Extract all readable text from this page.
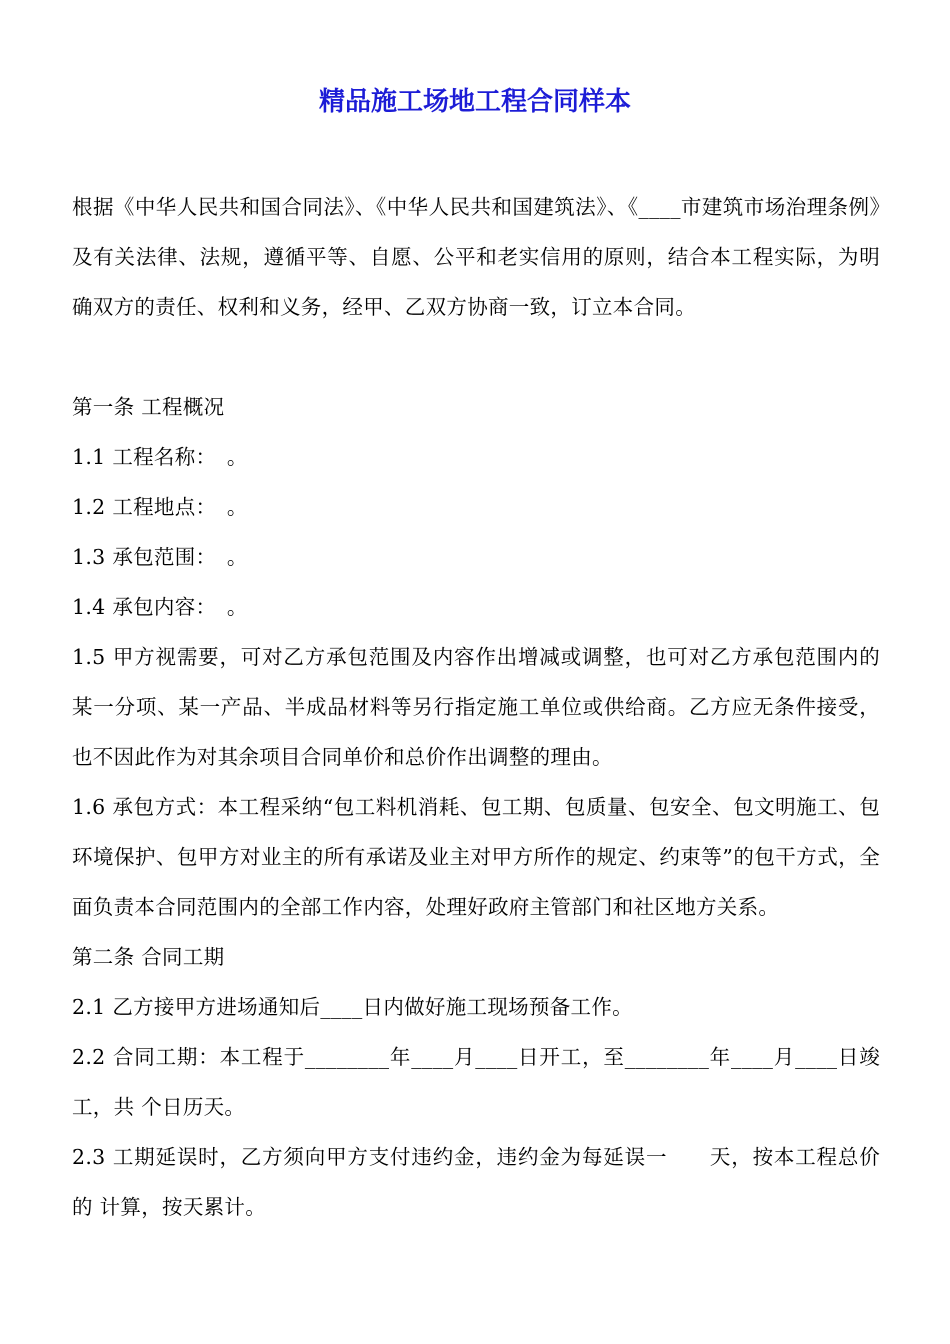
精品施工场地工程合同样本

根据《中华人民共和国合同法》、《中华人民共和国建筑法》、《____市建筑市场治理条例》及有关法律、法规，遵循平等、自愿、公平和老实信用的原则，结合本工程实际，为明确双方的责任、权利和义务，经甲、乙双方协商一致，订立本合同。

第一条 工程概况

1.1 工程名称：　。

1.2 工程地点：　。

1.3 承包范围：　。

1.4 承包内容：　。

1.5 甲方视需要，可对乙方承包范围及内容作出增减或调整，也可对乙方承包范围内的某一分项、某一产品、半成品材料等另行指定施工单位或供给商。乙方应无条件接受，也不因此作为对其余项目合同单价和总价作出调整的理由。

1.6 承包方式：本工程采纳“包工料机消耗、包工期、包质量、包安全、包文明施工、包环境保护、包甲方对业主的所有承诺及业主对甲方所作的规定、约束等”的包干方式，全面负责本合同范围内的全部工作内容，处理好政府主管部门和社区地方关系。

第二条 合同工期

2.1 乙方接甲方进场通知后____日内做好施工现场预备工作。

2.2 合同工期：本工程于________年____月____日开工，至________年____月____日竣工，共 个日历天。

2.3 工期延误时，乙方须向甲方支付违约金，违约金为每延误一　　天，按本工程总价的 计算，按天累计。
